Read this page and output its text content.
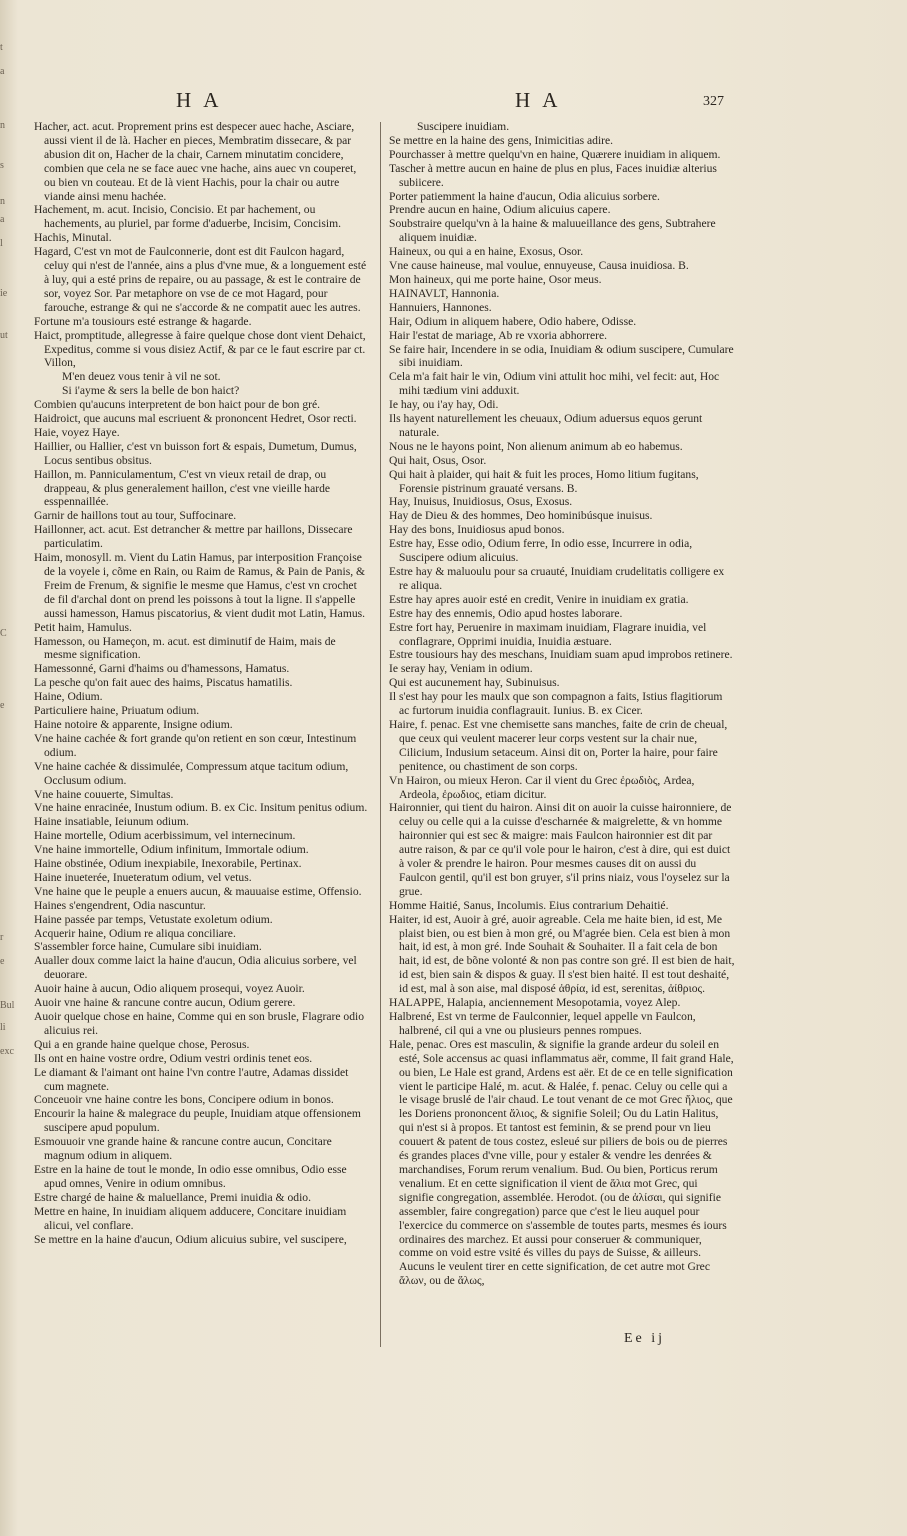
t
a
n
s
n
a
l
ie
ut
C
e
r
e
Bul
li
exc
H A	H A	327
Hacher, act. acut. Proprement prins est despecer auec hache, Asciare, aussi vient il de là. Hacher en pieces, Membratim dissecare, & par abusion dit on, Hacher de la chair, Carnem minutatim concidere, combien que cela ne se face auec vne hache, ains auec vn couperet, ou bien vn couteau. Et de là vient Hachis, pour la chair ou autre viande ainsi menu hachée.
Hachement, m. acut. Incisio, Concisio. Et par hachement, ou hachements, au pluriel, par forme d'aduerbe, Incisim, Concisim.
Hachis, Minutal.
Hagard, C'est vn mot de Faulconnerie, dont est dit Faulcon hagard, celuy qui n'est de l'année, ains a plus d'vne mue, & a longuement esté à luy, qui a esté prins de repaire, ou au passage, & est le contraire de sor, voyez Sor. Par metaphore on vse de ce mot Hagard, pour farouche, estrange & qui ne s'accorde & ne compatit auec les autres.
Fortune m'a tousiours esté estrange & hagarde.
Haict, promptitude, allegresse à faire quelque chose dont vient Dehaict, Expeditus, comme si vous disiez Actif, & par ce le faut escrire par ct. Villon,
M'en deuez vous tenir à vil ne sot.
Si i'ayme & sers la belle de bon haict?
Combien qu'aucuns interpretent de bon haict pour de bon gré.
Haidroict, que aucuns mal escriuent & prononcent Hedret, Osor recti.
Haie, voyez Haye.
Haillier, ou Hallier, c'est vn buisson fort & espais, Dumetum, Dumus, Locus sentibus obsitus.
Haillon, m. Panniculamentum, C'est vn vieux retail de drap, ou drappeau, & plus generalement haillon, c'est vne vieille harde esspennaillée.
Garnir de haillons tout au tour, Suffocinare.
Haillonner, act. acut. Est detrancher & mettre par haillons, Dissecare particulatim.
Haim, monosyll. m. Vient du Latin Hamus, par interposition Françoise de la voyele i, cõme en Rain, ou Raim de Ramus, & Pain de Panis, & Freim de Frenum, & signifie le mesme que Hamus, c'est vn crochet de fil d'archal dont on prend les poissons à tout la ligne. Il s'appelle aussi hamesson, Hamus piscatorius, & vient dudit mot Latin, Hamus.
Petit haim, Hamulus.
Hamesson, ou Hameçon, m. acut. est diminutif de Haim, mais de mesme signification.
Hamessonné, Garni d'haims ou d'hamessons, Hamatus.
La pesche qu'on fait auec des haims, Piscatus hamatilis.
Haine, Odium.
Particuliere haine, Priuatum odium.
Haine notoire & apparente, Insigne odium.
Vne haine cachée & fort grande qu'on retient en son cœur, Intestinum odium.
Vne haine cachée & dissimulée, Compressum atque tacitum odium, Occlusum odium.
Vne haine couuerte, Simultas.
Vne haine enracinée, Inustum odium. B. ex Cic. Insitum penitus odium.
Haine insatiable, Ieiunum odium.
Haine mortelle, Odium acerbissimum, vel internecinum.
Vne haine immortelle, Odium infinitum, Immortale odium.
Haine obstinée, Odium inexpiabile, Inexorabile, Pertinax.
Haine inueterée, Inueteratum odium, vel vetus.
Vne haine que le peuple a enuers aucun, & mauuaise estime, Offensio.
Haines s'engendrent, Odia nascuntur.
Haine passée par temps, Vetustate exoletum odium.
Acquerir haine, Odium re aliqua conciliare.
S'assembler force haine, Cumulare sibi inuidiam.
Aualler doux comme laict la haine d'aucun, Odia alicuius sorbere, vel deuorare.
Auoir haine à aucun, Odio aliquem prosequi, voyez Auoir.
Auoir vne haine & rancune contre aucun, Odium gerere.
Auoir quelque chose en haine, Comme qui en son brusle, Flagrare odio alicuius rei.
Qui a en grande haine quelque chose, Perosus.
Ils ont en haine vostre ordre, Odium vestri ordinis tenet eos.
Le diamant & l'aimant ont haine l'vn contre l'autre, Adamas dissidet cum magnete.
Conceuoir vne haine contre les bons, Concipere odium in bonos.
Encourir la haine & malegrace du peuple, Inuidiam atque offensionem suscipere apud populum.
Esmouuoir vne grande haine & rancune contre aucun, Concitare magnum odium in aliquem.
Estre en la haine de tout le monde, In odio esse omnibus, Odio esse apud omnes, Venire in odium omnibus.
Estre chargé de haine & maluellance, Premi inuidia & odio.
Mettre en haine, In inuidiam aliquem adducere, Concitare inuidiam alicui, vel conflare.
Se mettre en la haine d'aucun, Odium alicuius subire, vel suscipere,
Suscipere inuidiam.
Se mettre en la haine des gens, Inimicitias adire.
Pourchasser à mettre quelqu'vn en haine, Quærere inuidiam in aliquem.
Tascher à mettre aucun en haine de plus en plus, Faces inuidiæ alterius subiicere.
Porter patiemment la haine d'aucun, Odia alicuius sorbere.
Prendre aucun en haine, Odium alicuius capere.
Soubstraire quelqu'vn à la haine & maluueillance des gens, Subtrahere aliquem inuidiæ.
Haineux, ou qui a en haine, Exosus, Osor.
Vne cause haineuse, mal voulue, ennuyeuse, Causa inuidiosa. B.
Mon haineux, qui me porte haine, Osor meus.
HAINAVLT, Hannonia.
Hannuiers, Hannones.
Hair, Odium in aliquem habere, Odio habere, Odisse.
Hair l'estat de mariage, Ab re vxoria abhorrere.
Se faire hair, Incendere in se odia, Inuidiam & odium suscipere, Cumulare sibi inuidiam.
Cela m'a fait hair le vin, Odium vini attulit hoc mihi, vel fecit: aut, Hoc mihi tædium vini adduxit.
Ie hay, ou i'ay hay, Odi.
Ils hayent naturellement les cheuaux, Odium aduersus equos gerunt naturale.
Nous ne le hayons point, Non alienum animum ab eo habemus.
Qui hait, Osus, Osor.
Qui hait à plaider, qui hait & fuit les proces, Homo litium fugitans, Forensie pistrinum grauaté versans. B.
Hay, Inuisus, Inuidiosus, Osus, Exosus.
Hay de Dieu & des hommes, Deo hominibúsque inuisus.
Hay des bons, Inuidiosus apud bonos.
Estre hay, Esse odio, Odium ferre, In odio esse, Incurrere in odia, Suscipere odium alicuius.
Estre hay & maluoulu pour sa cruauté, Inuidiam crudelitatis colligere ex re aliqua.
Estre hay apres auoir esté en credit, Venire in inuidiam ex gratia.
Estre hay des ennemis, Odio apud hostes laborare.
Estre fort hay, Peruenire in maximam inuidiam, Flagrare inuidia, vel conflagrare, Opprimi inuidia, Inuidia æstuare.
Estre tousiours hay des meschans, Inuidiam suam apud improbos retinere.
Ie seray hay, Veniam in odium.
Qui est aucunement hay, Subinuisus.
Il s'est hay pour les maulx que son compagnon a faits, Istius flagitiorum ac furtorum inuidia conflagrauit. Iunius. B. ex Cicer.
Haire, f. penac. Est vne chemisette sans manches, faite de crin de cheual, que ceux qui veulent macerer leur corps vestent sur la chair nue, Cilicium, Indusium setaceum. Ainsi dit on, Porter la haire, pour faire penitence, ou chastiment de son corps.
Vn Hairon, ou mieux Heron. Car il vient du Grec ἐρωδιὸς, Ardea, Ardeola, ἐρωδιος, etiam dicitur.
Haironnier, qui tient du hairon. Ainsi dit on auoir la cuisse haironniere, de celuy ou celle qui a la cuisse d'escharnée & maigrelette, & vn homme haironnier qui est sec & maigre: mais Faulcon haironnier est dit par autre raison, & par ce qu'il vole pour le hairon, c'est à dire, qui est duict à voler & prendre le hairon. Pour mesmes causes dit on aussi du Faulcon gentil, qu'il est bon gruyer, s'il prins niaiz, vous l'oyselez sur la grue.
Homme Haitié, Sanus, Incolumis. Eius contrarium Dehaitié.
Haiter, id est, Auoir à gré, auoir agreable. Cela me haite bien, id est, Me plaist bien, ou est bien à mon gré, ou M'agrée bien. Cela est bien à mon hait, id est, à mon gré. Inde Souhait & Souhaiter. Il a fait cela de bon hait, id est, de bõne volonté & non pas contre son gré. Il est bien de hait, id est, bien sain & dispos & guay. Il s'est bien haité. Il est tout deshaité, id est, mal à son aise, mal disposé ἀθρία, id est, serenitas, ἀίθριος.
HALAPPE, Halapia, anciennement Mesopotamia, voyez Alep.
Halbrené, Est vn terme de Faulconnier, lequel appelle vn Faulcon, halbrené, cil qui a vne ou plusieurs pennes rompues.
Hale, penac. Ores est masculin, & signifie la grande ardeur du soleil en esté, Sole accensus ac quasi inflammatus aër, comme, Il fait grand Hale, ou bien, Le Hale est grand, Ardens est aër. Et de ce en telle signification vient le participe Halé, m. acut. & Halée, f. penac. Celuy ou celle qui a le visage bruslé de l'air chaud. Le tout venant de ce mot Grec ἥλιος, que les Doriens prononcent ἅλιος, & signifie Soleil; Ou du Latin Halitus, qui n'est si à propos. Et tantost est feminin, & se prend pour vn lieu couuert & patent de tous costez, esleué sur piliers de bois ou de pierres és grandes places d'vne ville, pour y estaler & vendre les denrées & marchandises, Forum rerum venalium. Bud. Ou bien, Porticus rerum venalium. Et en cette signification il vient de ἅλια mot Grec, qui signifie congregation, assemblée. Herodot. (ou de ἁλίσαι, qui signifie assembler, faire congregation) parce que c'est le lieu auquel pour l'exercice du commerce on s'assemble de toutes parts, mesmes és iours ordinaires des marchez. Et aussi pour conseruer & communiquer, comme on void estre vsité és villes du pays de Suisse, & ailleurs. Aucuns le veulent tirer en cette signification, de cet autre mot Grec ἄλων, ou de ἅλως,
Ee ij
